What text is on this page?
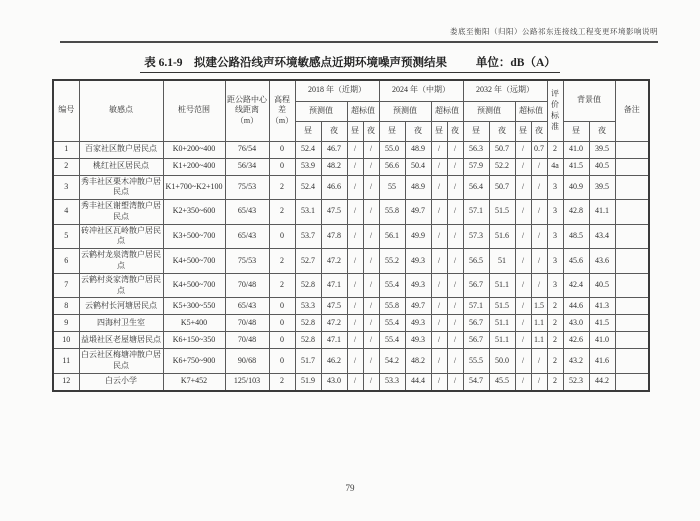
娄底至衡阳（归阳）公路祁东连接线工程变更环境影响说明
表 6.1-9　拟建公路沿线声环境敏感点近期环境噪声预测结果	单位：dB（A）
编号	敏感点	桩号范围	距公路中心线距离（m）	高程差（m）	2018 年（近期）				2024 年（中期）				2032 年（远期）				评价标准	背景值		备注
					预测值		超标值		预测值		超标值		预测值		超标值					
					昼	夜	昼	夜	昼	夜	昼	夜	昼	夜	昼	夜		昼	夜	
1	百家社区散户居民点	K0+200~400	76/54	0	52.4	46.7	/	/	55.0	48.9	/	/	56.3	50.7	/	0.7	2	41.0	39.5	
2	桃红社区居民点	K1+200~400	56/34	0	53.9	48.2	/	/	56.6	50.4	/	/	57.9	52.2	/	/	4a	41.5	40.5	
3	秀丰社区栗木冲散户居民点	K1+700~K2+100	75/53	2	52.4	46.6	/	/	55	48.9	/	/	56.4	50.7	/	/	3	40.9	39.5	
4	秀丰社区谢塱湾散户居民点	K2+350~600	65/43	2	53.1	47.5	/	/	55.8	49.7	/	/	57.1	51.5	/	/	3	42.8	41.1	
5	砖冲社区瓦岭散户居民点	K3+500~700	65/43	0	53.7	47.8	/	/	56.1	49.9	/	/	57.3	51.6	/	/	3	48.5	43.4	
6	云鹤村龙泉湾散户居民点	K4+500~700	75/53	2	52.7	47.2	/	/	55.2	49.3	/	/	56.5	51	/	/	3	45.6	43.6	
7	云鹤村炎家湾散户居民点	K4+500~700	70/48	2	52.8	47.1	/	/	55.4	49.3	/	/	56.7	51.1	/	/	3	42.4	40.5	
8	云鹤村长河塘居民点	K5+300~550	65/43	0	53.3	47.5	/	/	55.8	49.7	/	/	57.1	51.5	/	1.5	2	44.6	41.3	
9	四海村卫生室	K5+400	70/48	0	52.8	47.2	/	/	55.4	49.3	/	/	56.7	51.1	/	1.1	2	43.0	41.5	
10	益塅社区老屋塘居民点	K6+150~350	70/48	0	52.8	47.1	/	/	55.4	49.3	/	/	56.7	51.1	/	1.1	2	42.6	41.0	
11	白云社区梅塘冲散户居民点	K6+750~900	90/68	0	51.7	46.2	/	/	54.2	48.2	/	/	55.5	50.0	/	/	2	43.2	41.6	
12	白云小学	K7+452	125/103	2	51.9	43.0	/	/	53.3	44.4	/	/	54.7	45.5	/	/	2	52.3	44.2	
79
